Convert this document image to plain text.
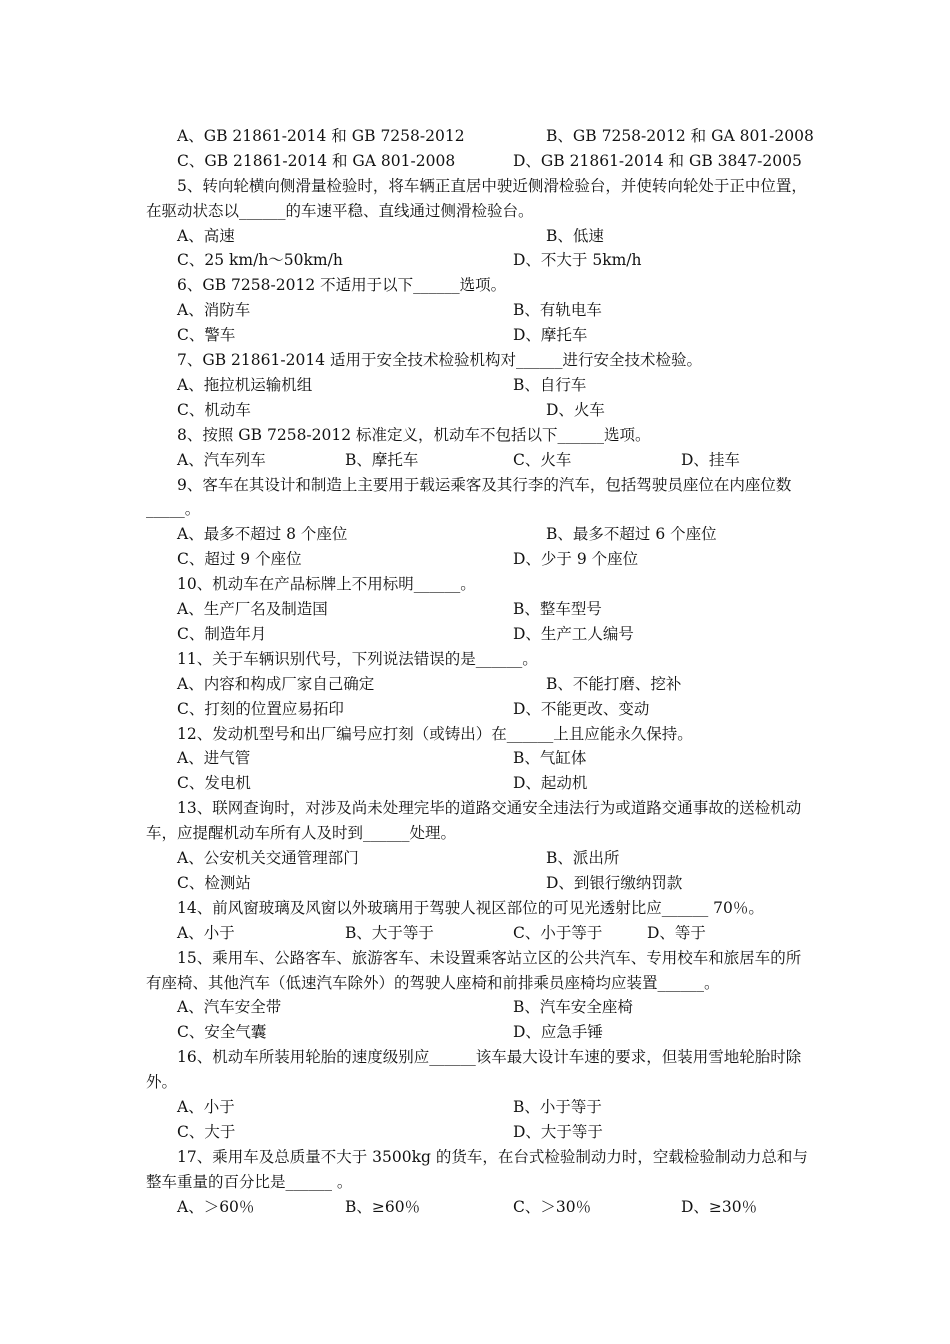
A、GB 21861-2014 和 GB 7258-2012	B、GB 7258-2012 和 GA 801-2008
C、GB 21861-2014 和 GA 801-2008	D、GB 21861-2014 和 GB 3847-2005
5、转向轮横向侧滑量检验时，将车辆正直居中驶近侧滑检验台，并使转向轮处于正中位置，在驱动状态以______的车速平稳、直线通过侧滑检验台。
A、高速	B、低速
C、25 km/h～50km/h	D、不大于 5km/h
6、GB 7258-2012 不适用于以下______选项。
A、消防车	B、有轨电车
C、警车	D、摩托车
7、GB 21861-2014 适用于安全技术检验机构对______进行安全技术检验。
A、拖拉机运输机组	B、自行车
C、机动车	D、火车
8、按照 GB 7258-2012 标准定义，机动车不包括以下______选项。
A、汽车列车	B、摩托车	C、火车	D、挂车
9、客车在其设计和制造上主要用于载运乘客及其行李的汽车，包括驾驶员座位在内座位数_____。
A、最多不超过 8 个座位	B、最多不超过 6 个座位
C、超过 9 个座位	D、少于 9 个座位
10、机动车在产品标牌上不用标明______。
A、生产厂名及制造国	B、整车型号
C、制造年月	D、生产工人编号
11、关于车辆识别代号，下列说法错误的是______。
A、内容和构成厂家自己确定	B、不能打磨、挖补
C、打刻的位置应易拓印	D、不能更改、变动
12、发动机型号和出厂编号应打刻（或铸出）在______上且应能永久保持。
A、进气管	B、气缸体
C、发电机	D、起动机
13、联网查询时，对涉及尚未处理完毕的道路交通安全违法行为或道路交通事故的送检机动车，应提醒机动车所有人及时到______处理。
A、公安机关交通管理部门	B、派出所
C、检测站	D、到银行缴纳罚款
14、前风窗玻璃及风窗以外玻璃用于驾驶人视区部位的可见光透射比应______ 70％。
A、小于	B、大于等于	C、小于等于	D、等于
15、乘用车、公路客车、旅游客车、未设置乘客站立区的公共汽车、专用校车和旅居车的所有座椅、其他汽车（低速汽车除外）的驾驶人座椅和前排乘员座椅均应装置______。
A、汽车安全带	B、汽车安全座椅
C、安全气囊	D、应急手锤
16、机动车所装用轮胎的速度级别应______该车最大设计车速的要求，但装用雪地轮胎时除外。
A、小于	B、小于等于
C、大于	D、大于等于
17、乘用车及总质量不大于 3500kg 的货车，在台式检验制动力时，空载检验制动力总和与整车重量的百分比是______ 。
A、＞60％	B、≥60％	C、＞30％	D、≥30％
